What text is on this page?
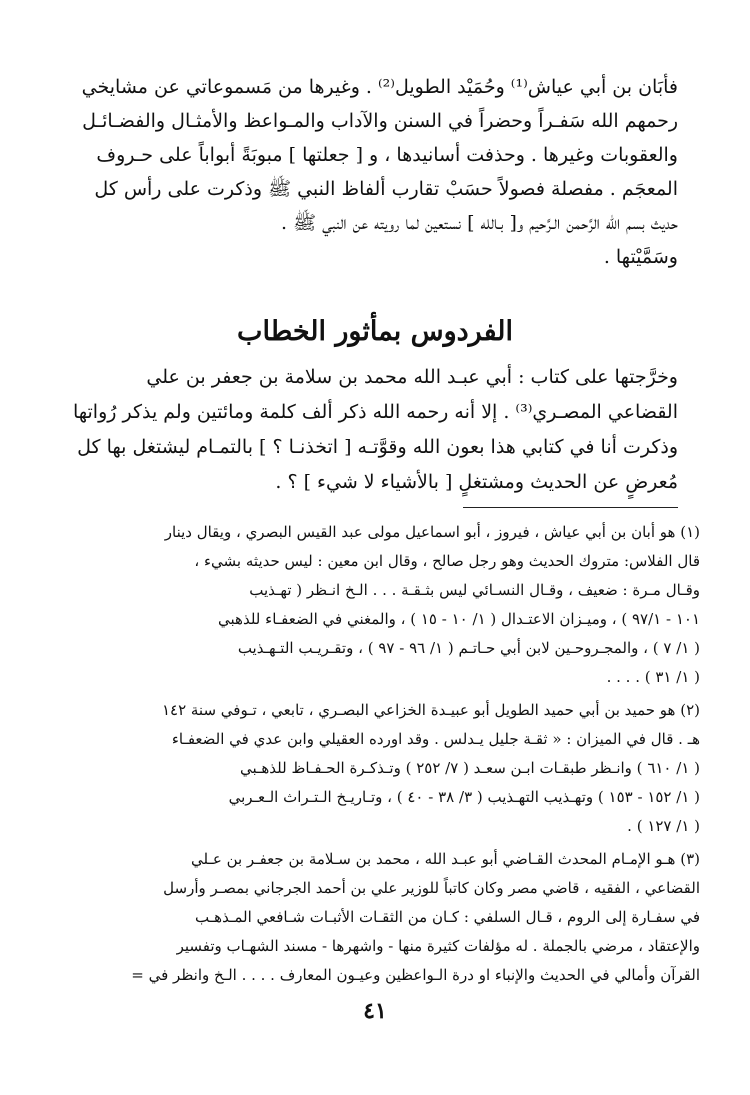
فأبَان بن أبي عياش⁽¹⁾ وحُمَيْد الطويل⁽²⁾ . وغيرها من مَسموعاتي عن مشايخي
رحمهم الله سَفـراً وحضراً في السنن والآداب والمـواعظ والأمثـال والفضـائـل
والعقوبات وغيرها . وحذفت أسانيدها ، و [ جعلتها ] مبوبَةً أبواباً على حـروف
المعجَم . مفصلة فصولاً حسَبْ تقارب ألفاظ النبي ﷺ وذكرت على رأس كل
حديث بسم الله الرَّحمن الـرَّحيم و[ بـالله ] نستعين لما رويته عن النبي ﷺ .
وسَمَّيْتها .
الفردوس بمأثور الخطاب
وخرَّجتها على كتاب : أبي عبـد الله محمد بن سلامة بن جعفر بن علي
القضاعي المصـري⁽³⁾ . إلا أنه رحمه الله ذكر ألف كلمة ومائتين ولم يذكر رُواتها
وذكرت أنا في كتابي هذا بعون الله وقوَّتـه [ اتخذنـا ؟ ] بالتمـام ليشتغل بها كل
مُعرضٍ عن الحديث ومشتغلٍ [ بالأشياء لا شيء ] ؟ .
(١) هو أبان بن أبي عياش ، فيروز ، أبو اسماعيل مولى عبد القيس البصري ، ويقال دينار
قال الفلاس: متروك الحديث وهو رجل صالح ، وقال ابن معين : ليس حديثه بشيء ،
وقـال مـرة : ضعيف ، وقـال النسـائي ليس بثـقـة . . . الـخ انـظر ( تهـذيب
١٠١ - ٩٧/١ ) ، وميـزان الاعتـدال ( ١/ ١٠ - ١٥ ) ، والمغني في الضعفـاء للذهبي
( ١/ ٧ ) ، والمجـروحـين لابن أبي حـاتـم ( ١/ ٩٦ - ٩٧ ) ، وتقـريـب التـهـذيب
( ١/ ٣١ ) . . . .
(٢) هو حميد بن أبي حميد الطويل أبو عبيـدة الخزاعي البصـري ، تابعي ، تـوفي سنة ١٤٢
هـ . قال في الميزان : « ثقـة جليل يـدلس . وقد اورده العقيلي وابن عدي في الضعفـاء
( ١/ ٦١٠ ) وانـظر طبقـات ابـن سعـد ( ٧/ ٢٥٢ ) وتـذكـرة الحـفـاظ للذهـبي
( ١/ ١٥٢ - ١٥٣ ) وتهـذيب التهـذيب ( ٣/ ٣٨ - ٤٠ ) ، وتـاريـخ الـتـراث الـعـربي
( ١/ ١٢٧ ) .
(٣) هـو الإمـام المحدث القـاضي أبو عبـد الله ، محمد بن سـلامة بن جعفـر بن عـلي
القضاعي ، الفقيه ، قاضي مصر وكان كاتباً للوزير علي بن أحمد الجرجاني بمصـر وأرسل
في سفـارة إلى الروم ، قـال السلفي : كـان من الثقـات الأثبـات شـافعي المـذهـب
والإعتقاد ، مرضي بالجملة . له مؤلفات كثيرة منها - واشهرها - مسند الشهـاب وتفسير
القرآن وأمالي في الحديث والإنباء او درة الـواعظين وعيـون المعارف . . . . الـخ وانظر في =
٤١
